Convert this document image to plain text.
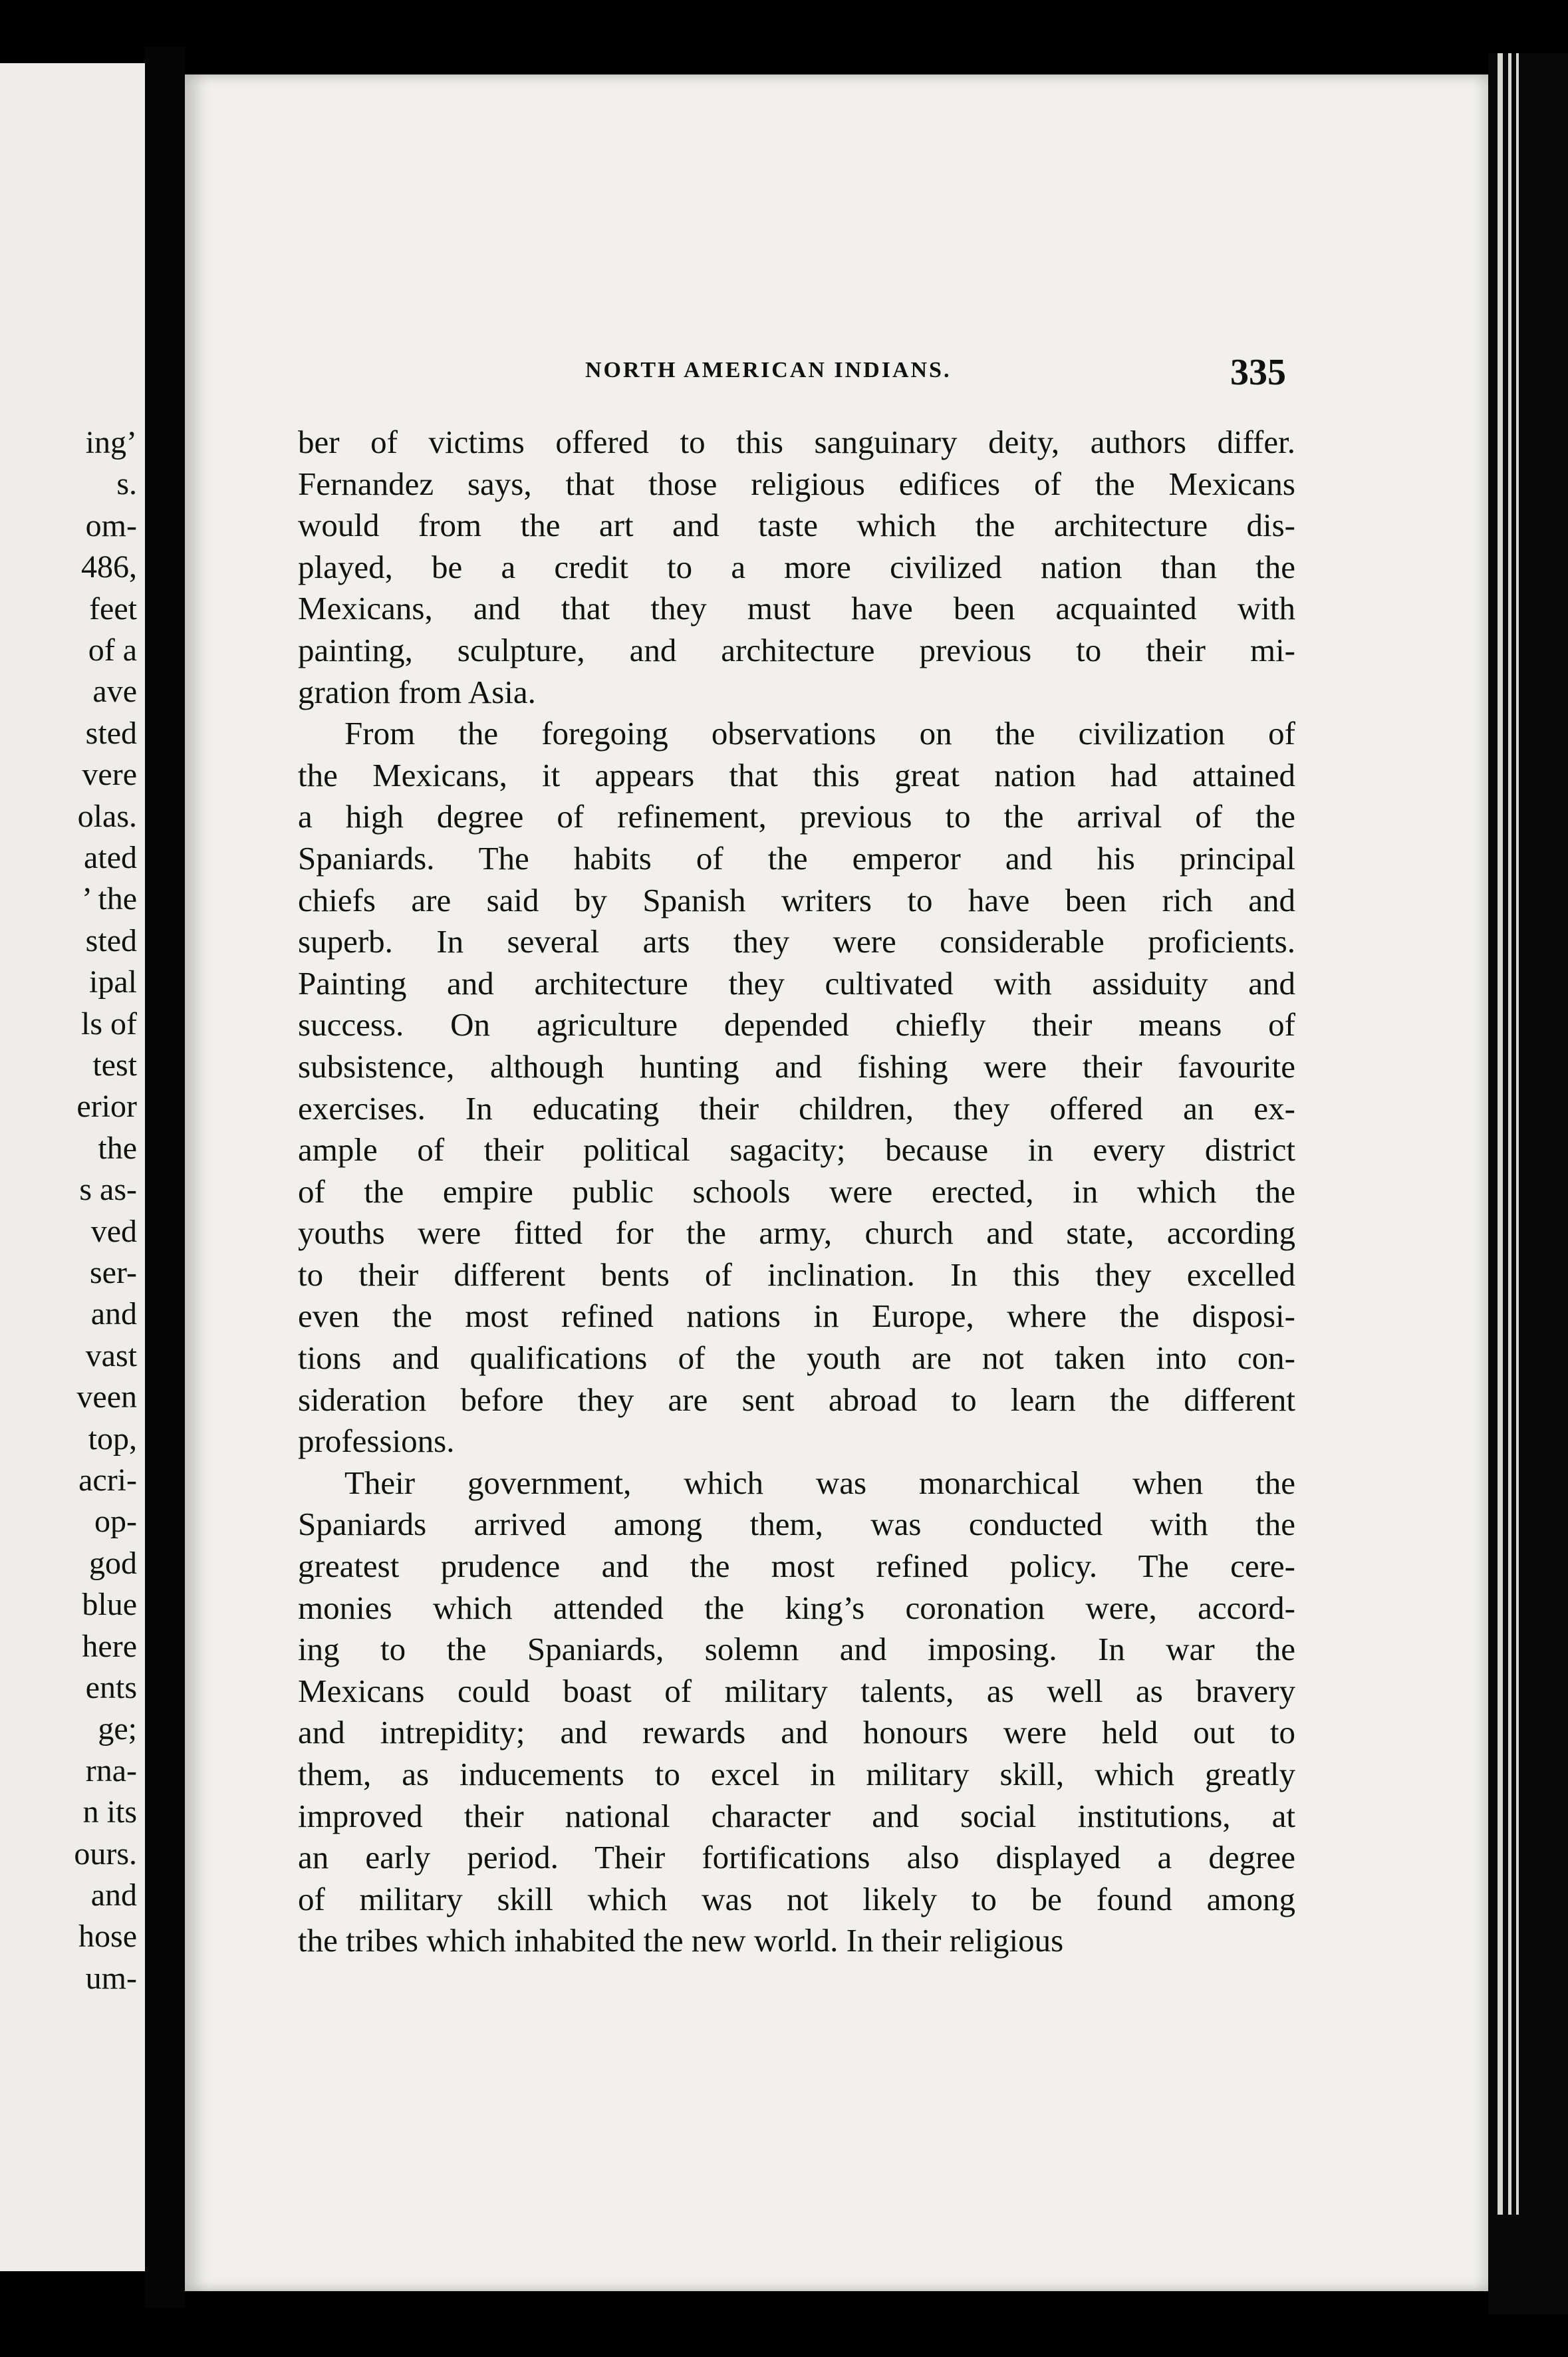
ing’
s.
om-
486,
feet
of a
ave
sted
vere
olas.
ated
’ the
sted
ipal
ls of
test
erior
the
s as-
ved
ser-
and
vast
veen
top,
acri-
op-
god
blue
here
ents
ge;
rna-
n its
ours.
and
hose
um-
NORTH AMERICAN INDIANS.	335

ber of victims offered to this sanguinary deity, authors differ.
Fernandez says, that those religious edifices of the Mexicans
would from the art and taste which the architecture dis-
played, be a credit to a more civilized nation than the
Mexicans, and that they must have been acquainted with
painting, sculpture, and architecture previous to their mi-
gration from Asia.

From the foregoing observations on the civilization of
the Mexicans, it appears that this great nation had attained
a high degree of refinement, previous to the arrival of the
Spaniards. The habits of the emperor and his principal
chiefs are said by Spanish writers to have been rich and
superb. In several arts they were considerable proficients.
Painting and architecture they cultivated with assiduity and
success. On agriculture depended chiefly their means of
subsistence, although hunting and fishing were their favourite
exercises. In educating their children, they offered an ex-
ample of their political sagacity; because in every district
of the empire public schools were erected, in which the
youths were fitted for the army, church and state, according
to their different bents of inclination. In this they excelled
even the most refined nations in Europe, where the disposi-
tions and qualifications of the youth are not taken into con-
sideration before they are sent abroad to learn the different
professions.

Their government, which was monarchical when the
Spaniards arrived among them, was conducted with the
greatest prudence and the most refined policy. The cere-
monies which attended the king’s coronation were, accord-
ing to the Spaniards, solemn and imposing. In war the
Mexicans could boast of military talents, as well as bravery
and intrepidity; and rewards and honours were held out to
them, as inducements to excel in military skill, which greatly
improved their national character and social institutions, at
an early period. Their fortifications also displayed a degree
of military skill which was not likely to be found among
the tribes which inhabited the new world. In their religious
